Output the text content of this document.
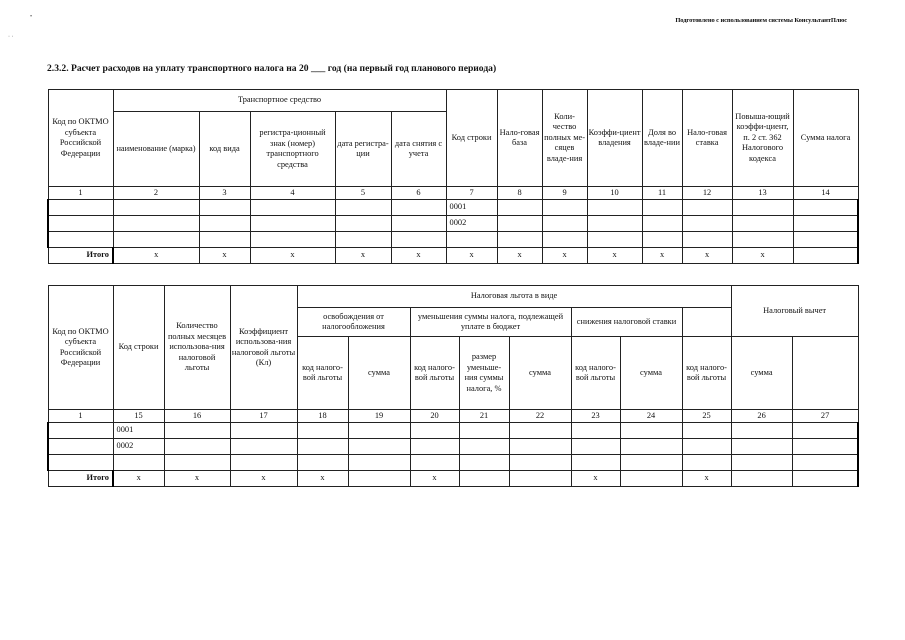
Подготовлено с использованием системы КонсультантПлюс
•
· ·
2.3.2. Расчет расходов на уплату транспортного налога на 20 ___ год (на первый год планового периода)
Код по ОКТМО субъекта Российской Федерации	Транспортное средство					Код строки	Нало-говая база	Коли-чество полных ме-сяцев владе-ния	Коэффи-циент владения	Доля во владе-нии	Нало-говая ставка	Повыша-ющий коэффи-циент, п. 2 ст. 362 Налогового кодекса	Сумма налога
	наименование (марка)	код вида	регистра-ционный знак (номер) транспортного средства	дата регистра-ции	дата снятия с учета								
1	2	3	4	5	6	7	8	9	10	11	12	13	14
						0001							
						0002							

Итого	x	x	x	x	x	x	x	x	x	x	x	x	
Код по ОКТМО субъекта Российской Федерации	Код строки	Количество полных месяцев использова-ния налоговой льготы	Коэффициент использова-ния налоговой льготы (Кл)	Налоговая льгота в виде								Налоговый вычет	
				освобождения от налогообложения		уменьшения суммы налога, подлежащей уплате в бюджет			снижения налоговой ставки					
				код налого-вой льготы	сумма	код налого-вой льготы	размер уменьше-ния суммы налога, %	сумма	код налого-вой льготы	сумма	код налого-вой льготы	сумма		
1	15	16	17	18	19	20	21	22	23	24	25	26	27	
	0001													
	0002													

Итого	x	x	x	x		x			x		x			
